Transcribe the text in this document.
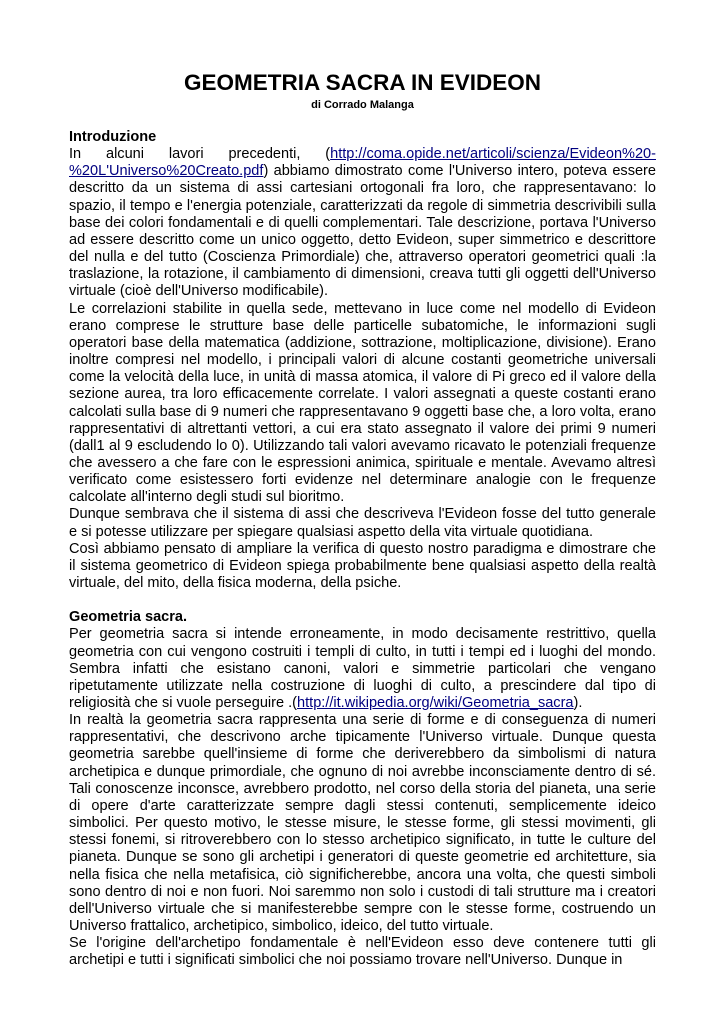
GEOMETRIA SACRA IN EVIDEON

di Corrado Malanga

Introduzione

In alcuni lavori precedenti, (http://coma.opide.net/articoli/scienza/Evideon%20-%20L'Universo%20Creato.pdf) abbiamo dimostrato come l'Universo intero, poteva essere descritto da un sistema di assi cartesiani ortogonali fra loro, che rappresentavano: lo spazio, il tempo e l'energia potenziale, caratterizzati da regole di simmetria descrivibili sulla base dei colori fondamentali e di quelli complementari. Tale descrizione, portava l'Universo ad essere descritto come un unico oggetto, detto Evideon, super simmetrico e descrittore del nulla e del tutto (Coscienza Primordiale) che, attraverso operatori geometrici quali :la traslazione, la rotazione, il cambiamento di dimensioni, creava tutti gli oggetti dell'Universo virtuale (cioè dell'Universo modificabile).

Le correlazioni stabilite in quella sede, mettevano in luce come nel modello di Evideon erano comprese le strutture base delle particelle subatomiche, le informazioni sugli operatori base della matematica (addizione, sottrazione, moltiplicazione, divisione). Erano inoltre compresi nel modello, i principali valori di alcune costanti geometriche universali come la velocità della luce, in unità di massa atomica, il valore di Pi greco ed il valore della sezione aurea, tra loro efficacemente correlate. I valori assegnati a queste costanti erano calcolati sulla base di 9 numeri che rappresentavano 9 oggetti base che, a loro volta, erano rappresentativi di altrettanti vettori, a cui era stato assegnato il valore dei primi 9 numeri (dall1 al 9 escludendo lo 0). Utilizzando tali valori avevamo ricavato le potenziali frequenze che avessero a che fare con le espressioni animica, spirituale e mentale. Avevamo altresì verificato come esistessero forti evidenze nel determinare analogie con le frequenze calcolate all'interno degli studi sul bioritmo.

Dunque sembrava che il sistema di assi che descriveva l'Evideon fosse del tutto generale e si potesse utilizzare per spiegare qualsiasi aspetto della vita virtuale quotidiana.

Così abbiamo pensato di ampliare la verifica di questo nostro paradigma e dimostrare che il sistema geometrico di Evideon spiega probabilmente bene qualsiasi aspetto della realtà virtuale, del mito, della fisica moderna, della psiche.

Geometria sacra.

Per geometria sacra si intende erroneamente, in modo decisamente restrittivo, quella geometria con cui vengono costruiti i templi di culto, in tutti i tempi ed i luoghi del mondo. Sembra infatti che esistano canoni, valori e simmetrie particolari che vengano ripetutamente utilizzate nella costruzione di luoghi di culto, a prescindere dal tipo di religiosità che si vuole perseguire .(http://it.wikipedia.org/wiki/Geometria_sacra).

In realtà la geometria sacra rappresenta una serie di forme e di conseguenza di numeri rappresentativi, che descrivono arche tipicamente l'Universo virtuale. Dunque questa geometria sarebbe quell'insieme di forme che deriverebbero da simbolismi di natura archetipica e dunque primordiale, che ognuno di noi avrebbe inconsciamente dentro di sé. Tali conoscenze inconsce, avrebbero prodotto, nel corso della storia del pianeta, una serie di opere d'arte caratterizzate sempre dagli stessi contenuti, semplicemente ideico simbolici. Per questo motivo, le stesse misure, le stesse forme, gli stessi movimenti, gli stessi fonemi, si ritroverebbero con lo stesso archetipico significato, in tutte le culture del pianeta. Dunque se sono gli archetipi i generatori di queste geometrie ed architetture, sia nella fisica che nella metafisica, ciò significherebbe, ancora una volta, che questi simboli sono dentro di noi e non fuori. Noi saremmo non solo i custodi di tali strutture ma i creatori dell'Universo virtuale che si manifesterebbe sempre con le stesse forme, costruendo un Universo frattalico, archetipico, simbolico, ideico, del tutto virtuale.

Se l'origine dell'archetipo fondamentale è nell'Evideon esso deve contenere tutti gli archetipi e tutti i significati simbolici che noi possiamo trovare nell'Universo. Dunque in
